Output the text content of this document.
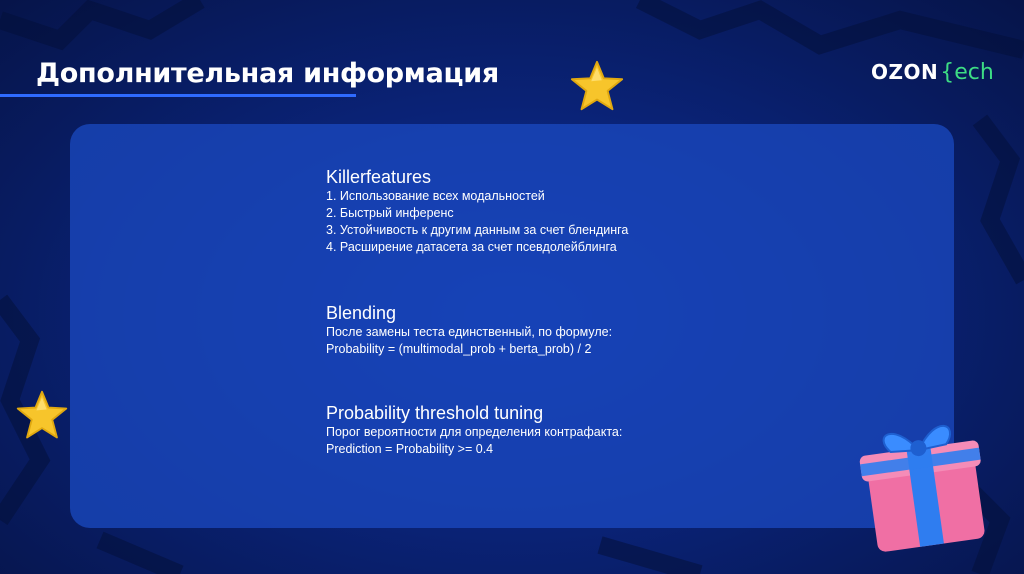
Дополнительная информация	OZON{ech
Killerfeatures
1. Использование всех модальностей
2. Быстрый инференс
3. Устойчивость к другим данным за счет блендинга
4. Расширение датасета за счет псевдолейблинга
Blending
После замены теста единственный, по формуле:
Probability = (multimodal_prob + berta_prob) / 2
Probability threshold tuning
Порог вероятности для определения контрафакта:
Prediction = Probability >= 0.4
